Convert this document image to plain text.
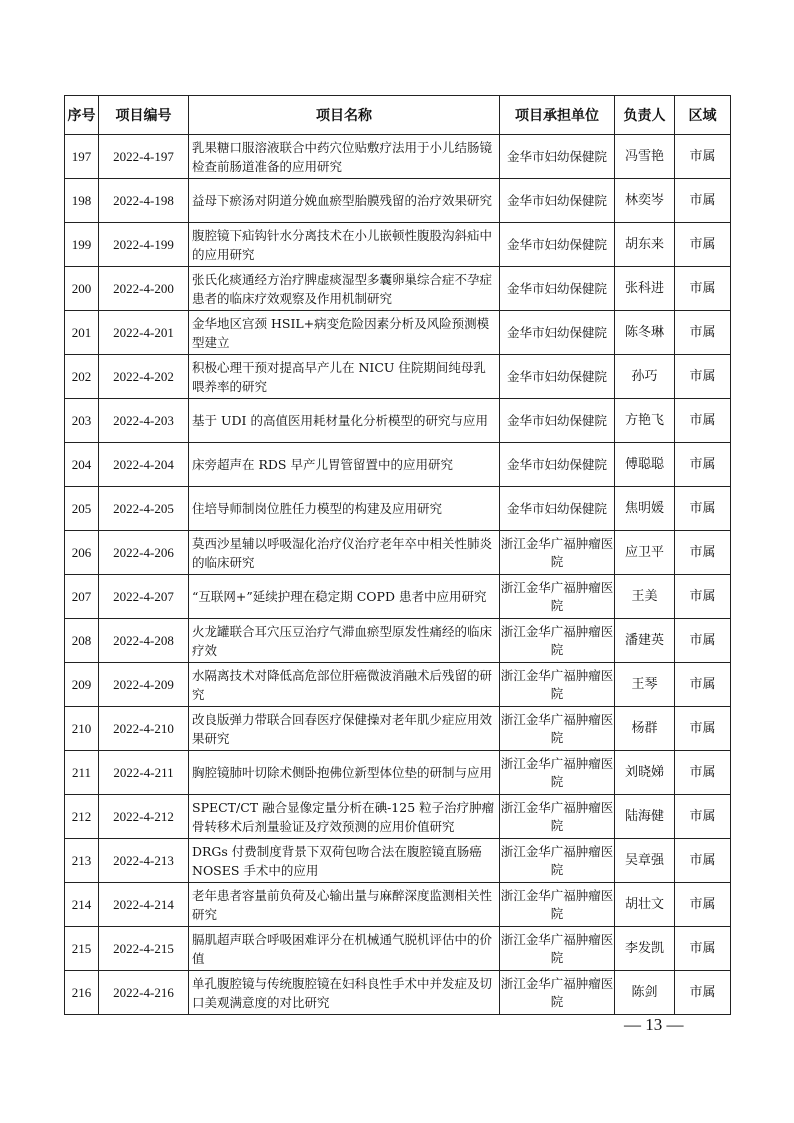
序号	项目编号	项目名称	项目承担单位	负责人	区域
197	2022-4-197	乳果糖口服溶液联合中药穴位贴敷疗法用于小儿结肠镜检查前肠道准备的应用研究	金华市妇幼保健院	冯雪艳	市属
198	2022-4-198	益母下瘀汤对阴道分娩血瘀型胎膜残留的治疗效果研究	金华市妇幼保健院	林奕岑	市属
199	2022-4-199	腹腔镜下疝钩针水分离技术在小儿嵌顿性腹股沟斜疝中的应用研究	金华市妇幼保健院	胡东来	市属
200	2022-4-200	张氏化痰通经方治疗脾虚痰湿型多囊卵巢综合症不孕症患者的临床疗效观察及作用机制研究	金华市妇幼保健院	张科进	市属
201	2022-4-201	金华地区宫颈 HSIL+病变危险因素分析及风险预测模型建立	金华市妇幼保健院	陈冬琳	市属
202	2022-4-202	积极心理干预对提高早产儿在 NICU 住院期间纯母乳喂养率的研究	金华市妇幼保健院	孙巧	市属
203	2022-4-203	基于 UDI 的高值医用耗材量化分析模型的研究与应用	金华市妇幼保健院	方艳飞	市属
204	2022-4-204	床旁超声在 RDS 早产儿胃管留置中的应用研究	金华市妇幼保健院	傅聪聪	市属
205	2022-4-205	住培导师制岗位胜任力模型的构建及应用研究	金华市妇幼保健院	焦明媛	市属
206	2022-4-206	莫西沙星辅以呼吸湿化治疗仪治疗老年卒中相关性肺炎的临床研究	浙江金华广福肿瘤医院	应卫平	市属
207	2022-4-207	“互联网+”延续护理在稳定期 COPD 患者中应用研究	浙江金华广福肿瘤医院	王美	市属
208	2022-4-208	火龙罐联合耳穴压豆治疗气滞血瘀型原发性痛经的临床疗效	浙江金华广福肿瘤医院	潘建英	市属
209	2022-4-209	水隔离技术对降低高危部位肝癌微波消融术后残留的研究	浙江金华广福肿瘤医院	王琴	市属
210	2022-4-210	改良版弹力带联合回春医疗保健操对老年肌少症应用效果研究	浙江金华广福肿瘤医院	杨群	市属
211	2022-4-211	胸腔镜肺叶切除术侧卧抱佛位新型体位垫的研制与应用	浙江金华广福肿瘤医院	刘晓娣	市属
212	2022-4-212	SPECT/CT 融合显像定量分析在碘-125 粒子治疗肿瘤骨转移术后剂量验证及疗效预测的应用价值研究	浙江金华广福肿瘤医院	陆海健	市属
213	2022-4-213	DRGs 付费制度背景下双荷包吻合法在腹腔镜直肠癌 NOSES 手术中的应用	浙江金华广福肿瘤医院	吴章强	市属
214	2022-4-214	老年患者容量前负荷及心输出量与麻醉深度监测相关性研究	浙江金华广福肿瘤医院	胡壮文	市属
215	2022-4-215	膈肌超声联合呼吸困难评分在机械通气脱机评估中的价值	浙江金华广福肿瘤医院	李发凯	市属
216	2022-4-216	单孔腹腔镜与传统腹腔镜在妇科良性手术中并发症及切口美观满意度的对比研究	浙江金华广福肿瘤医院	陈剑	市属
— 13 —
